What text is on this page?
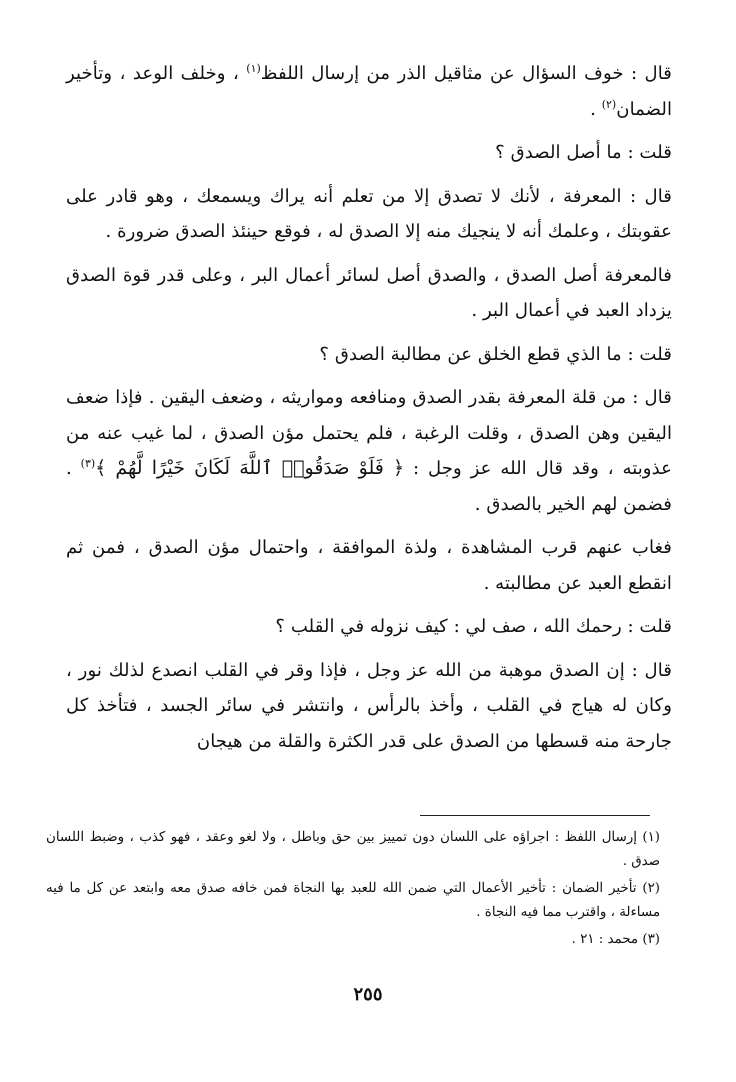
قال : خوف السؤال عن مثاقيل الذر من إرسال اللفظ$^{(١)}$ ، وخلف الوعد ، وتأخير الضمان$^{(٢)}$ .

قلت : ما أصل الصدق ؟

قال : المعرفة ، لأنك لا تصدق إلا من تعلم أنه يراك ويسمعك ، وهو قادر على عقوبتك ، وعلمك أنه لا ينجيك منه إلا الصدق له ، فوقع حينئذ الصدق ضرورة .

فالمعرفة أصل الصدق ، والصدق أصل لسائر أعمال البر ، وعلى قدر قوة الصدق يزداد العبد في أعمال البر .

قلت : ما الذي قطع الخلق عن مطالبة الصدق ؟

قال : من قلة المعرفة بقدر الصدق ومنافعه ومواريثه ، وضعف اليقين . فإذا ضعف اليقين وهن الصدق ، وقلت الرغبة ، فلم يحتمل مؤن الصدق ، لما غيب عنه من عذوبته ، وقد قال الله عز وجل : ﴿ فَلَوْ صَدَقُوا۟ ٱللَّهَ لَكَانَ خَيْرًا لَّهُمْ ﴾$^{(٣)}$ . فضمن لهم الخير بالصدق .

فغاب عنهم قرب المشاهدة ، ولذة الموافقة ، واحتمال مؤن الصدق ، فمن ثم انقطع العبد عن مطالبته .

قلت : رحمك الله ، صف لي : كيف نزوله في القلب ؟

قال : إن الصدق موهبة من الله عز وجل ، فإذا وقر في القلب انصدع لذلك نور ، وكان له هياج في القلب ، وأخذ بالرأس ، وانتشر في سائر الجسد ، فتأخذ كل جارحة منه قسطها من الصدق على قدر الكثرة والقلة من هيجان

(١) إرسال اللفظ : اجراؤه على اللسان دون تمييز بين حق وباطل ، ولا لغو وعقد ، فهو كذب ، وضبط اللسان صدق .

(٢) تأخير الضمان : تأخير الأعمال التي ضمن الله للعبد بها النجاة فمن خافه صدق معه وابتعد عن كل ما فيه مساءلة ، واقترب مما فيه النجاة .

(٣) محمد : ٢١ .

٢٥٥
